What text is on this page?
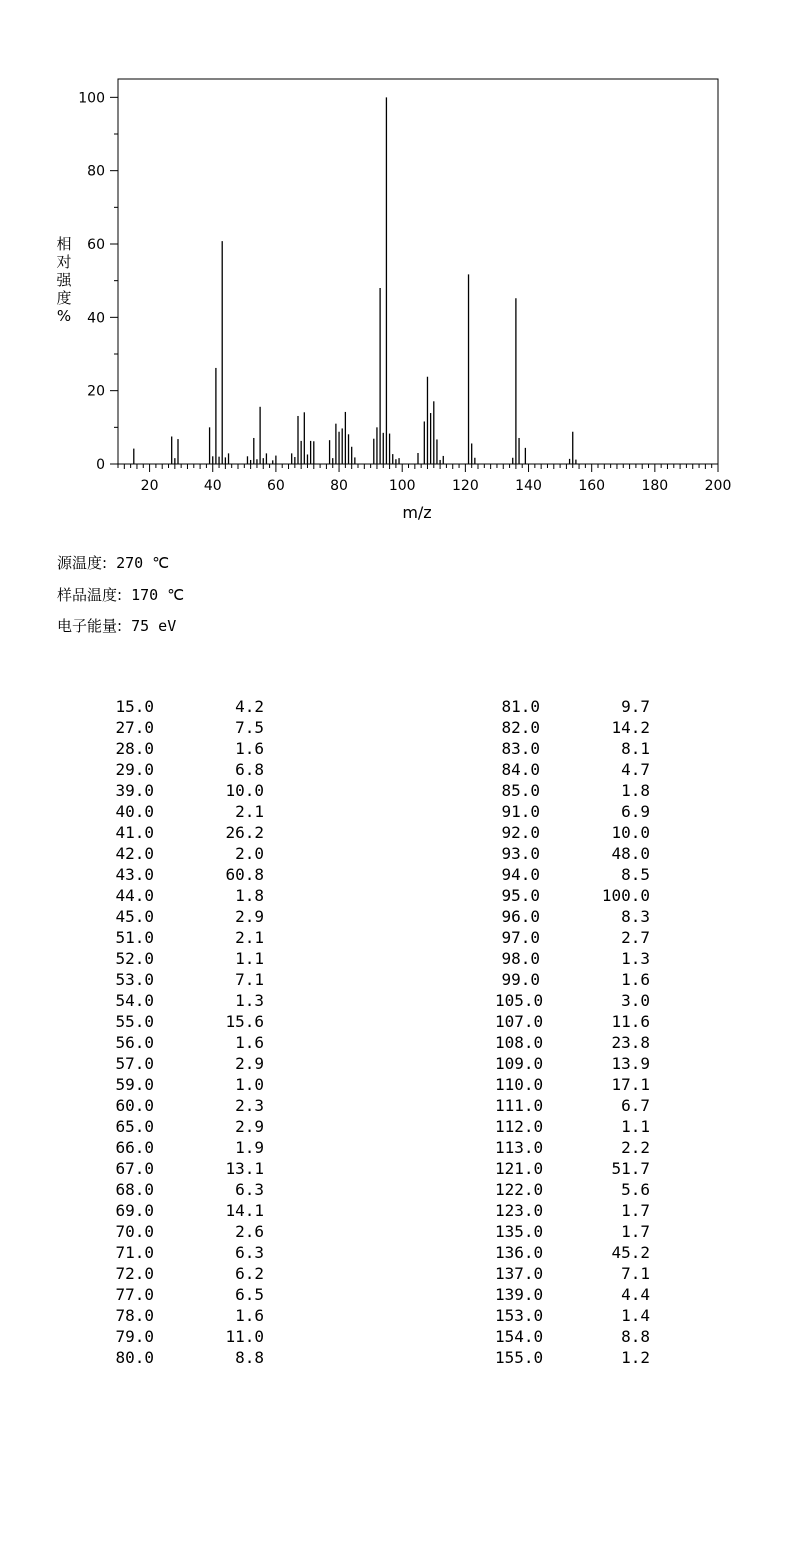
0
20
40
60
80
100
20	40	60	80	100	120	140	160	180	200
相
对
强
度
%
m/z
源温度: 270 ℃
样品温度: 170 ℃
电子能量: 75 eV
15.0	4.2
27.0	7.5
28.0	1.6
29.0	6.8
39.0	10.0
40.0	2.1
41.0	26.2
42.0	2.0
43.0	60.8
44.0	1.8
45.0	2.9
51.0	2.1
52.0	1.1
53.0	7.1
54.0	1.3
55.0	15.6
56.0	1.6
57.0	2.9
59.0	1.0
60.0	2.3
65.0	2.9
66.0	1.9
67.0	13.1
68.0	6.3
69.0	14.1
70.0	2.6
71.0	6.3
72.0	6.2
77.0	6.5
78.0	1.6
79.0	11.0
80.0	8.8
81.0	9.7
82.0	14.2
83.0	8.1
84.0	4.7
85.0	1.8
91.0	6.9
92.0	10.0
93.0	48.0
94.0	8.5
95.0	100.0
96.0	8.3
97.0	2.7
98.0	1.3
99.0	1.6
105.0	3.0
107.0	11.6
108.0	23.8
109.0	13.9
110.0	17.1
111.0	6.7
112.0	1.1
113.0	2.2
121.0	51.7
122.0	5.6
123.0	1.7
135.0	1.7
136.0	45.2
137.0	7.1
139.0	4.4
153.0	1.4
154.0	8.8
155.0	1.2
